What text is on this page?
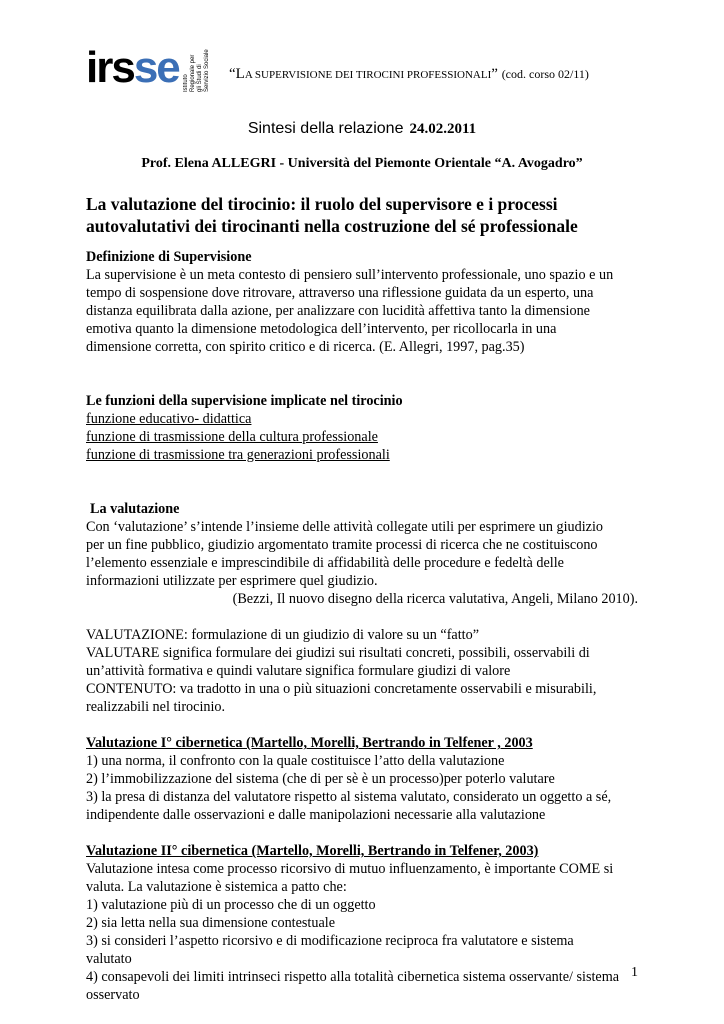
irsse Istituto Regionale per gli Studi di Servizio Sociale “LA SUPERVISIONE DEI TIROCINI PROFESSIONALI” (cod. corso 02/11)
Sintesi della relazione 24.02.2011
Prof. Elena ALLEGRI - Università del Piemonte Orientale “A. Avogadro”
La valutazione del tirocinio: il ruolo del supervisore e i processi
autovalutativi dei tirocinanti nella costruzione del sé professionale

Definizione di Supervisione

La supervisione è un meta contesto di pensiero sull’intervento professionale, uno spazio e un

tempo di sospensione dove ritrovare, attraverso una riflessione guidata da un esperto, una

distanza equilibrata dalla azione, per analizzare con lucidità affettiva tanto la dimensione

emotiva quanto la dimensione metodologica dell’intervento, per ricollocarla in una

dimensione corretta, con spirito critico e di ricerca. (E. Allegri, 1997, pag.35)

Le funzioni della supervisione implicate nel tirocinio

funzione educativo- didattica

funzione di trasmissione della cultura professionale

funzione di trasmissione tra generazioni professionali

La valutazione

Con ‘valutazione’ s’intende l’insieme delle attività collegate utili per esprimere un giudizio

per un fine pubblico, giudizio argomentato tramite processi di ricerca che ne costituiscono

l’elemento essenziale e imprescindibile di affidabilità delle procedure e fedeltà delle

informazioni utilizzate per esprimere quel giudizio.

(Bezzi, Il nuovo disegno della ricerca valutativa, Angeli, Milano 2010).

VALUTAZIONE: formulazione di un giudizio di valore su un “fatto”

VALUTARE significa formulare dei giudizi sui risultati concreti, possibili, osservabili di

un’attività formativa e quindi valutare significa formulare giudizi di valore

CONTENUTO: va tradotto in una o più situazioni concretamente osservabili e misurabili,

realizzabili nel tirocinio.

Valutazione I° cibernetica (Martello, Morelli, Bertrando in Telfener , 2003

1) una norma, il confronto con la quale costituisce l’atto della valutazione

2) l’immobilizzazione del sistema (che di per sè è un processo)per poterlo valutare

3) la presa di distanza del valutatore rispetto al sistema valutato, considerato un oggetto a sé,

indipendente dalle osservazioni e dalle manipolazioni necessarie alla valutazione

Valutazione II° cibernetica (Martello, Morelli, Bertrando in Telfener, 2003)

Valutazione intesa come processo ricorsivo di mutuo influenzamento, è importante COME si

valuta. La valutazione è sistemica a patto che:

1) valutazione più di un processo che di un oggetto

2) sia letta nella sua dimensione contestuale

3) si consideri l’aspetto ricorsivo e di modificazione reciproca fra valutatore e sistema

valutato

4) consapevoli dei limiti intrinseci rispetto alla totalità cibernetica sistema osservante/ sistema

osservato

1
